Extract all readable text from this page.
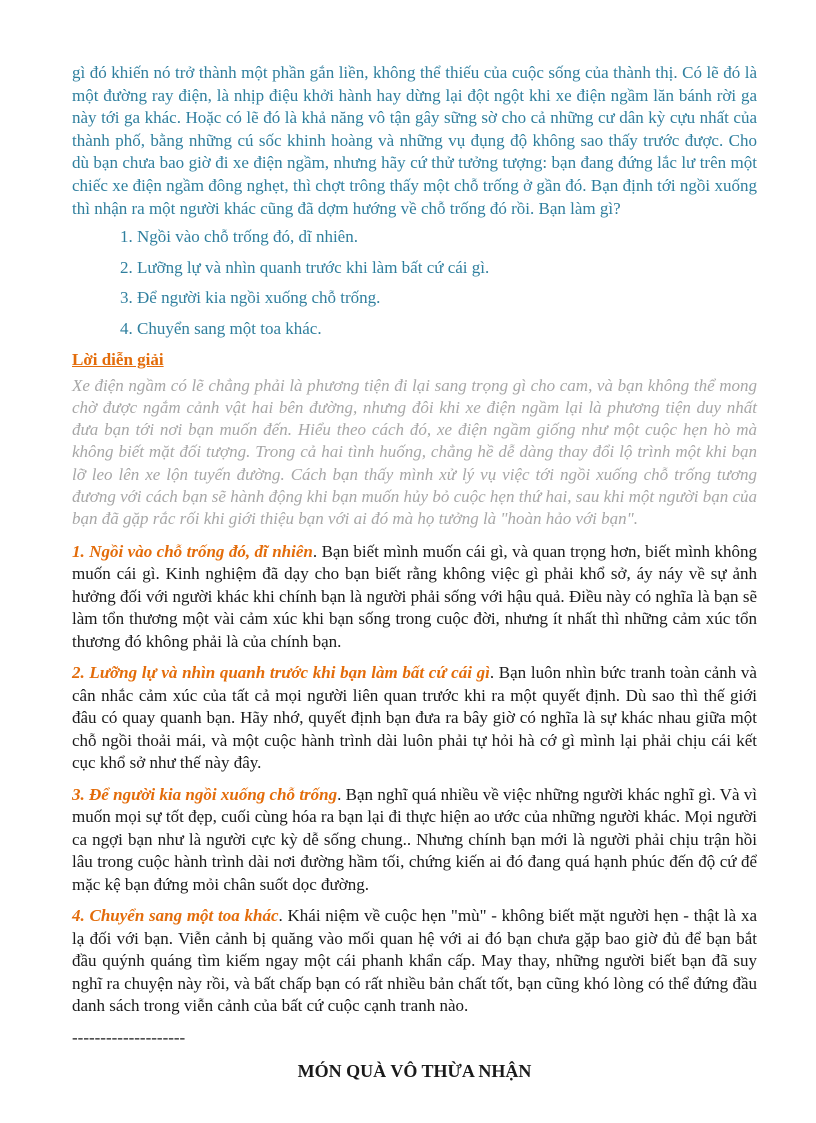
gì đó khiến nó trở thành một phần gắn liền, không thể thiếu của cuộc sống của thành thị. Có lẽ đó là một đường ray điện, là nhịp điệu khởi hành hay dừng lại đột ngột khi xe điện ngầm lăn bánh rời ga này tới ga khác. Hoặc có lẽ đó là khả năng vô tận gây sững sờ cho cả những cư dân kỳ cựu nhất của thành phố, bằng những cú sốc khinh hoàng và những vụ đụng độ không sao thấy trước được. Cho dù bạn chưa bao giờ đi xe điện ngầm, nhưng hãy cứ thử tưởng tượng: bạn đang đứng lắc lư trên một chiếc xe điện ngầm đông nghẹt, thì chợt trông thấy một chỗ trống ở gần đó. Bạn định tới ngồi xuống thì nhận ra một người khác cũng đã dợm hướng về chỗ trống đó rồi. Bạn làm gì?

1. Ngồi vào chỗ trống đó, dĩ nhiên.
2. Lưỡng lự và nhìn quanh trước khi làm bất cứ cái gì.
3. Để người kia ngồi xuống chỗ trống.
4. Chuyển sang một toa khác.
Lời diễn giải

Xe điện ngầm có lẽ chẳng phải là phương tiện đi lại sang trọng gì cho cam, và bạn không thể mong chờ được ngắm cảnh vật hai bên đường, nhưng đôi khi xe điện ngầm lại là phương tiện duy nhất đưa bạn tới nơi bạn muốn đến. Hiểu theo cách đó, xe điện ngầm giống như một cuộc hẹn hò mà không biết mặt đối tượng. Trong cả hai tình huống, chẳng hề dễ dàng thay đổi lộ trình một khi bạn lỡ leo lên xe lộn tuyến đường. Cách bạn thấy mình xử lý vụ việc tới ngồi xuống chỗ trống tương đương với cách bạn sẽ hành động khi bạn muốn hủy bỏ cuộc hẹn thứ hai, sau khi một người bạn của bạn đã gặp rắc rối khi giới thiệu bạn với ai đó mà họ tưởng là "hoàn hảo với bạn".

1. Ngồi vào chỗ trống đó, dĩ nhiên. Bạn biết mình muốn cái gì, và quan trọng hơn, biết mình không muốn cái gì. Kinh nghiệm đã dạy cho bạn biết rằng không việc gì phải khổ sở, áy náy về sự ảnh hưởng đối với người khác khi chính bạn là người phải sống với hậu quả. Điều này có nghĩa là bạn sẽ làm tổn thương một vài cảm xúc khi bạn sống trong cuộc đời, nhưng ít nhất thì những cảm xúc tổn thương đó không phải là của chính bạn.

2. Lưỡng lự và nhìn quanh trước khi bạn làm bất cứ cái gì. Bạn luôn nhìn bức tranh toàn cảnh và cân nhắc cảm xúc của tất cả mọi người liên quan trước khi ra một quyết định. Dù sao thì thế giới đâu có quay quanh bạn. Hãy nhớ, quyết định bạn đưa ra bây giờ có nghĩa là sự khác nhau giữa một chỗ ngồi thoải mái, và một cuộc hành trình dài luôn phải tự hỏi hà cớ gì mình lại phải chịu cái kết cục khổ sở như thế này đây.

3. Để người kia ngồi xuống chỗ trống. Bạn nghĩ quá nhiều về việc những người khác nghĩ gì. Và vì muốn mọi sự tốt đẹp, cuối cùng hóa ra bạn lại đi thực hiện ao ước của những người khác. Mọi người ca ngợi bạn như là người cực kỳ dễ sống chung.. Nhưng chính bạn mới là người phải chịu trận hồi lâu trong cuộc hành trình dài nơi đường hầm tối, chứng kiến ai đó đang quá hạnh phúc đến độ cứ để mặc kệ bạn đứng mỏi chân suốt dọc đường.

4. Chuyển sang một toa khác. Khái niệm về cuộc hẹn "mù" - không biết mặt người hẹn - thật là xa lạ đối với bạn. Viễn cảnh bị quăng vào mối quan hệ với ai đó bạn chưa gặp bao giờ đủ để bạn bắt đầu quýnh quáng tìm kiếm ngay một cái phanh khẩn cấp. May thay, những người biết bạn đã suy nghĩ ra chuyện này rồi, và bất chấp bạn có rất nhiều bản chất tốt, bạn cũng khó lòng có thể đứng đầu danh sách trong viễn cảnh của bất cứ cuộc cạnh tranh nào.

--------------------
MÓN QUÀ VÔ THỪA NHẬN
